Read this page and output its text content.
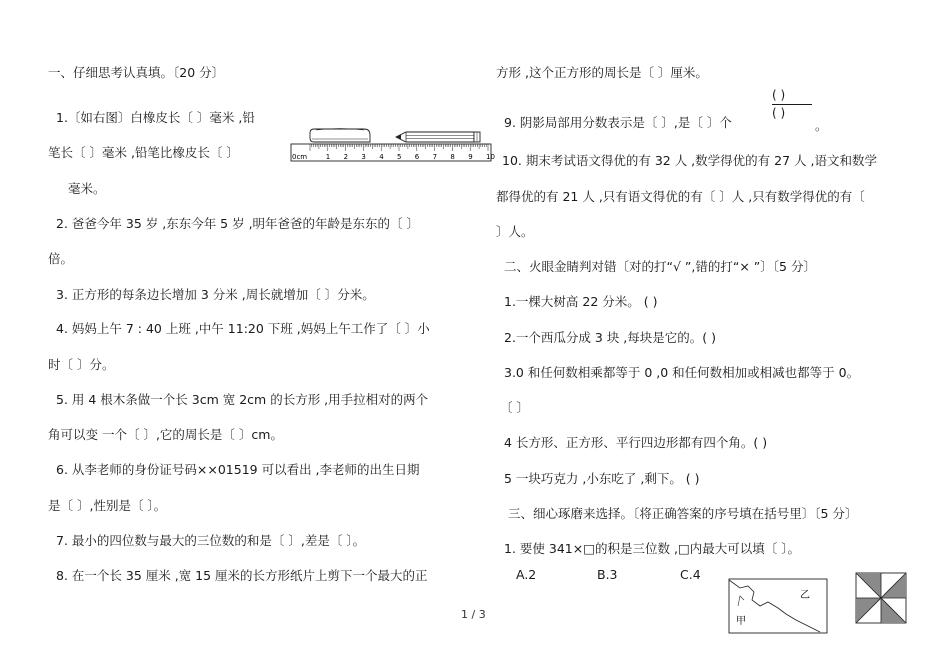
一、仔细思考认真填。〔20 分〕
1.〔如右图〕白橡皮长〔 〕毫米 ,铅
笔长〔 〕毫米 ,铅笔比橡皮长〔 〕
毫米。
2. 爸爸今年 35 岁 ,东东今年 5 岁 ,明年爸爸的年龄是东东的〔 〕
倍。
3. 正方形的每条边长增加 3 分米 ,周长就增加〔 〕分米。
4. 妈妈上午 7 : 40 上班 ,中午 11:20 下班 ,妈妈上午工作了〔 〕小
时〔 〕分。
5. 用 4 根木条做一个长 3cm 宽 2cm 的长方形 ,用手拉相对的两个
角可以变 一个〔 〕,它的周长是〔 〕cm。
6. 从李老师的身份证号码××01519 可以看出 ,李老师的出生日期
是〔 〕,性别是〔 〕。
7. 最小的四位数与最大的三位数的和是〔 〕,差是〔 〕。
8. 在一个长 35 厘米 ,宽 15 厘米的长方形纸片上剪下一个最大的正
0cm	1 2 3 4 5 6 7 8 9 10
方形 ,这个正方形的周长是〔 〕厘米。
9. 阴影局部用分数表示是〔 〕,是〔 〕个
( )
( )
。
10. 期末考试语文得优的有 32 人 ,数学得优的有 27 人 ,语文和数学
都得优的有 21 人 ,只有语文得优的有〔 〕人 ,只有数学得优的有〔
〕人。
二、火眼金睛判对错〔对的打“√ ”,错的打“× ”〕〔5 分〕
1.一棵大树高 22 分米。 ( )
2.一个西瓜分成 3 块 ,每块是它的。( )
3.0 和任何数相乘都等于 0 ,0 和任何数相加或相减也都等于 0。
〔 〕
4 长方形、正方形、平行四边形都有四个角。( )
5 一块巧克力 ,小东吃了 ,剩下。 ( )
三、细心琢磨来选择。〔将正确答案的序号填在括号里〕〔5 分〕
1. 要使 341×□的积是三位数 ,□内最大可以填〔 〕。
A.2	B.3	C.4
乙
甲
1 / 3
